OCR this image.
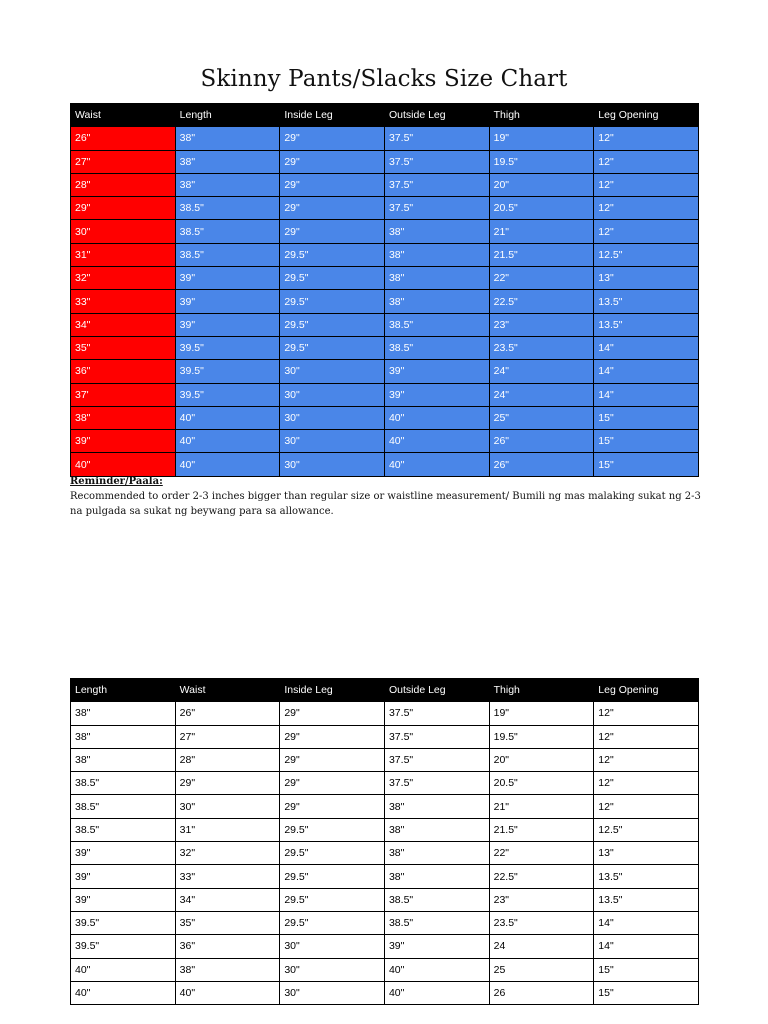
Skinny Pants/Slacks Size Chart
Waist	Length	Inside Leg	Outside Leg	Thigh	Leg Opening
26"	38"	29"	37.5"	19"	12"
27"	38"	29"	37.5"	19.5"	12"
28"	38"	29"	37.5"	20"	12"
29"	38.5"	29"	37.5"	20.5"	12"
30"	38.5"	29"	38"	21"	12"
31"	38.5"	29.5"	38"	21.5"	12.5"
32"	39"	29.5"	38"	22"	13"
33"	39"	29.5"	38"	22.5"	13.5"
34"	39"	29.5"	38.5"	23"	13.5"
35"	39.5"	29.5"	38.5"	23.5"	14"
36"	39.5"	30"	39"	24"	14"
37'	39.5"	30"	39"	24"	14"
38"	40"	30"	40"	25"	15"
39"	40"	30"	40"	26"	15"
40"	40"	30"	40"	26"	15"
Reminder/Paala:
Recommended to order 2-3 inches bigger than regular size or waistline measurement/ Bumili ng mas malaking sukat ng 2-3 na pulgada sa sukat ng beywang para sa allowance.
Length	Waist	Inside Leg	Outside Leg	Thigh	Leg Opening
38"	26"	29"	37.5"	19"	12"
38"	27"	29"	37.5"	19.5"	12"
38"	28"	29"	37.5"	20"	12"
38.5"	29"	29"	37.5"	20.5"	12"
38.5"	30"	29"	38"	21"	12"
38.5"	31"	29.5"	38"	21.5"	12.5"
39"	32"	29.5"	38"	22"	13"
39"	33"	29.5"	38"	22.5"	13.5"
39"	34"	29.5"	38.5"	23"	13.5"
39.5"	35"	29.5"	38.5"	23.5"	14"
39.5"	36"	30"	39"	24	14"
40"	38"	30"	40"	25	15"
40"	40"	30"	40"	26	15"
